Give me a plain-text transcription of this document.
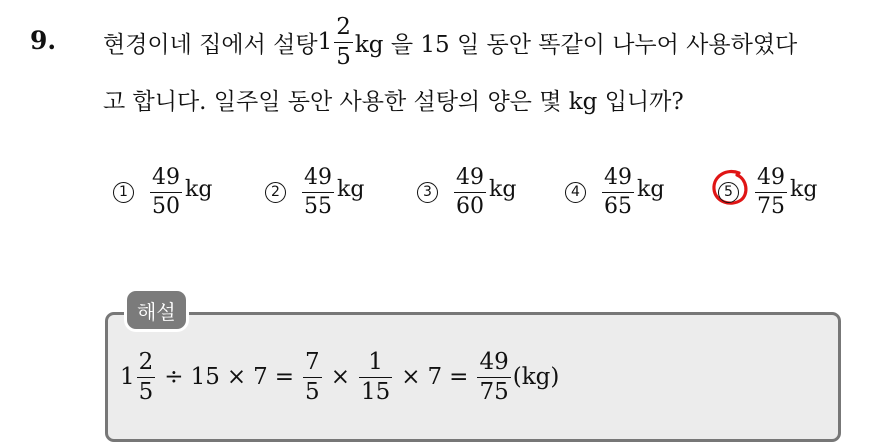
9. 현경이네 집에서 설탕 $1 \frac{2}{5}$ kg 을 15 일 동안 똑같이 나누어 사용하였다
고 합니다. 일주일 동안 사용한 설탕의 양은 몇 kg 입니까?
$1 \frac{49}{50}$ kg	$2 \frac{49}{55}$ kg	$3 \frac{49}{60}$ kg	$4 \frac{49}{65}$ kg	$5 \frac{49}{75}$ kg
해설
$1 \frac{2}{5} \div 15 \times 7 = \frac{7}{5} \times \frac{1}{15} \times 7 = \frac{49}{75} (kg)$
